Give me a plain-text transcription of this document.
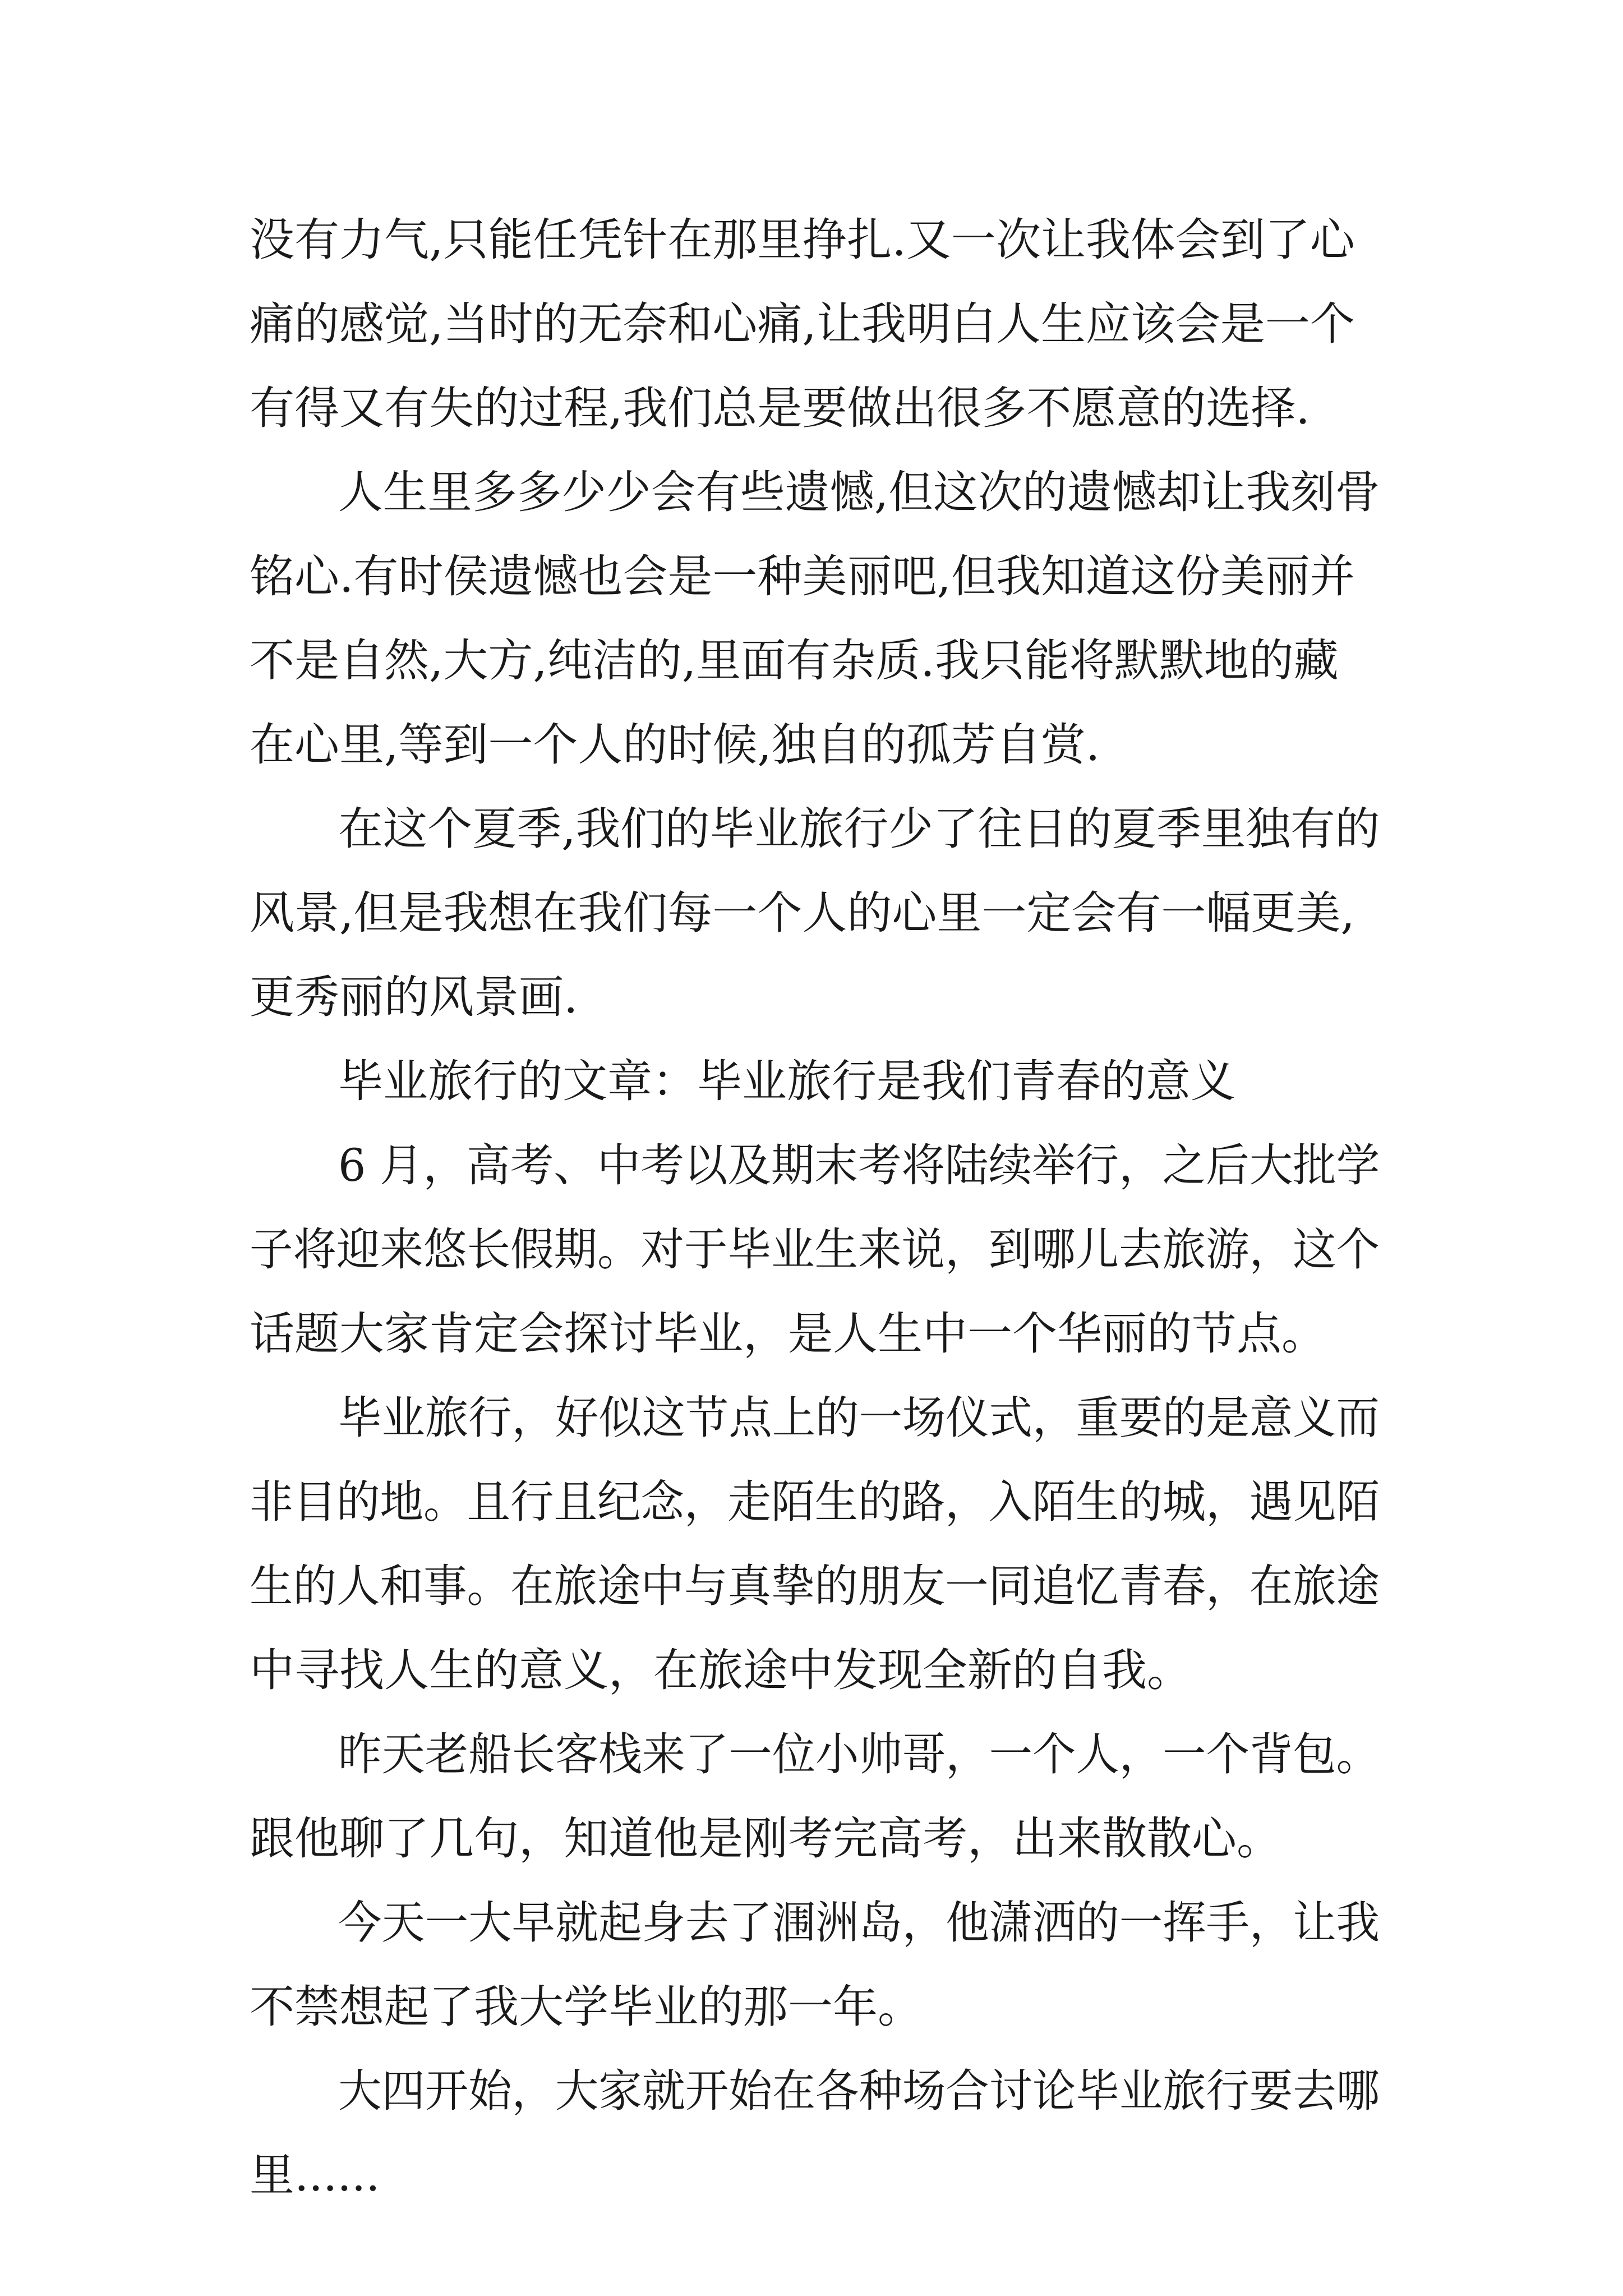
没有力气,只能任凭针在那里挣扎.又一次让我体会到了心
痛的感觉,当时的无奈和心痛,让我明白人生应该会是一个
有得又有失的过程,我们总是要做出很多不愿意的选择.
人生里多多少少会有些遗憾,但这次的遗憾却让我刻骨
铭心.有时侯遗憾也会是一种美丽吧,但我知道这份美丽并
不是自然,大方,纯洁的,里面有杂质.我只能将默默地的藏
在心里,等到一个人的时候,独自的孤芳自赏.
在这个夏季,我们的毕业旅行少了往日的夏季里独有的
风景,但是我想在我们每一个人的心里一定会有一幅更美,
更秀丽的风景画.
毕业旅行的文章：毕业旅行是我们青春的意义
6 月，高考、中考以及期末考将陆续举行，之后大批学
子将迎来悠长假期。对于毕业生来说，到哪儿去旅游，这个
话题大家肯定会探讨毕业，是人生中一个华丽的节点。
毕业旅行，好似这节点上的一场仪式，重要的是意义而
非目的地。且行且纪念，走陌生的路，入陌生的城，遇见陌
生的人和事。在旅途中与真挚的朋友一同追忆青春，在旅途
中寻找人生的意义，在旅途中发现全新的自我。
昨天老船长客栈来了一位小帅哥，一个人，一个背包。
跟他聊了几句，知道他是刚考完高考，出来散散心。
今天一大早就起身去了涠洲岛，他潇洒的一挥手，让我
不禁想起了我大学毕业的那一年。
大四开始，大家就开始在各种场合讨论毕业旅行要去哪
里......
